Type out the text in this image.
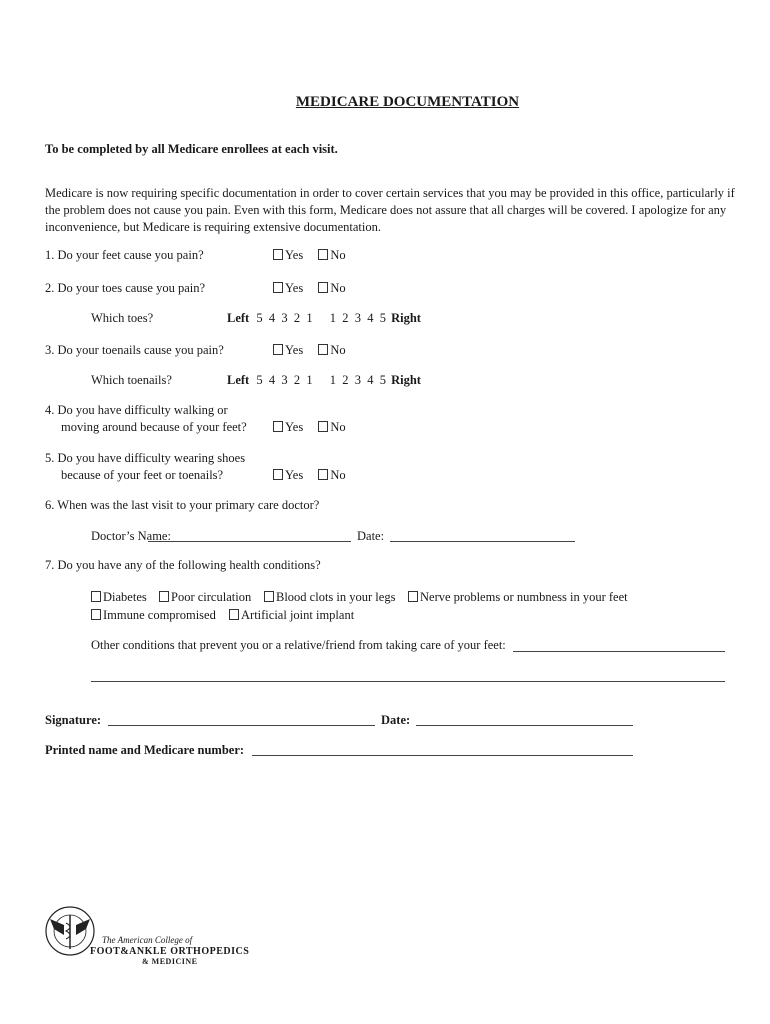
MEDICARE DOCUMENTATION
To be completed by all Medicare enrollees at each visit.
Medicare is now requiring specific documentation in order to cover certain services that you may be provided in this office, particularly if the problem does not cause you pain. Even with this form, Medicare does not assure that all charges will be covered. I apologize for any inconvenience, but Medicare is requiring extensive documentation.
1. Do your feet cause you pain?	Yes No
2. Do your toes cause you pain?	Yes No
Which toes?	Left 5  4  3  2  1 1  2  3  4  5 Right
3. Do your toenails cause you pain?	Yes No
Which toenails?	Left 5  4  3  2  1 1  2  3  4  5 Right
4. Do you have difficulty walking or
moving around because of your feet?	Yes No
5. Do you have difficulty wearing shoes
because of your feet or toenails?	Yes No
6. When was the last visit to your primary care doctor?
Doctor’s Name:	Date:
7. Do you have any of the following health conditions?
Diabetes	Poor circulation	Blood clots in your legs	Nerve problems or numbness in your feet
Immune compromised	Artificial joint implant
Other conditions that prevent you or a relative/friend from taking care of your feet:
Signature:	Date:
Printed name and Medicare number:
The American College of
FOOT&ANKLE ORTHOPEDICS
& MEDICINE
